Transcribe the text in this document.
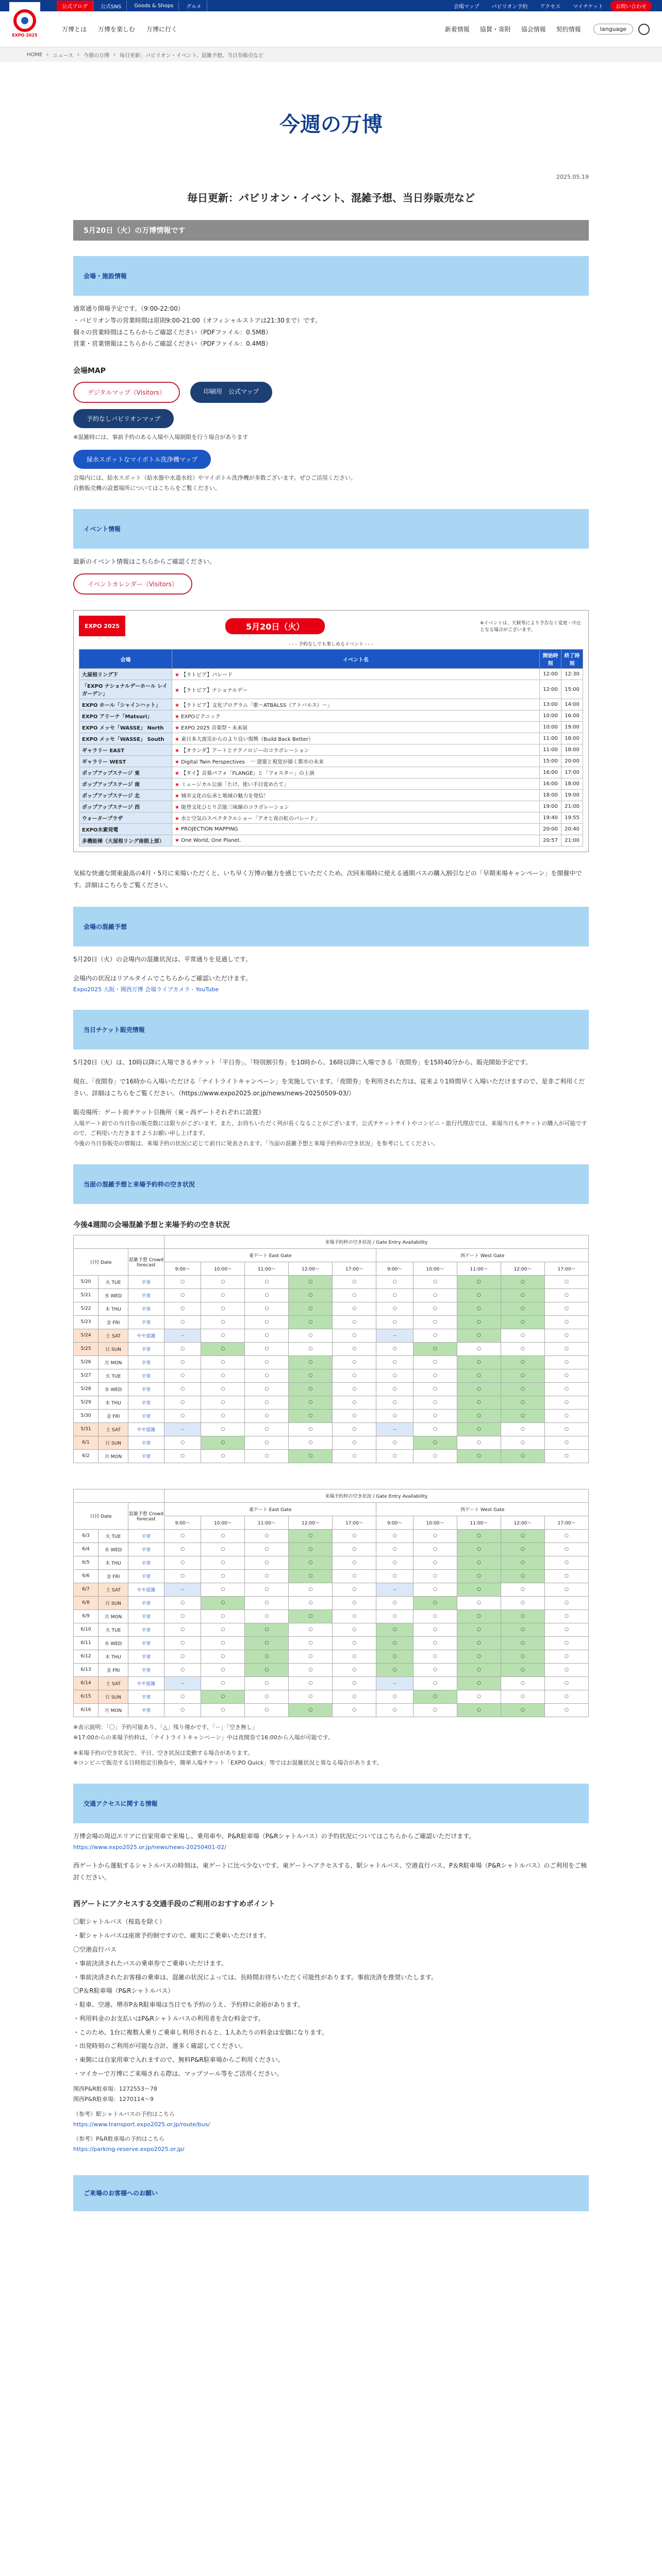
公式ブログ	公式SNS	Goods & Shops	グルメ	会場マップ	パビリオン予約	アクセス	マイチケット	お問い合わせ
EXPO 2025
万博とは 万博を楽しむ 万博に行く	新着情報 協賛・寄附 協会情報 契約情報	language
HOME › ニュース › 今週の万博 › 毎日更新：パビリオン・イベント、混雑予想、当日券販売など
今週の万博
2025.05.19
毎日更新：パビリオン・イベント、混雑予想、当日券販売など
5月20日（火）の万博情報です
会場・施設情報
通常通り開場予定です。（9:00-22:00）
・パビリオン等の営業時間は原則9:00-21:00（オフィシャルストアは21:30まで）です。
個々の営業時間はこちらからご確認ください（PDFファイル：0.5MB）
営業・営業情報はこちらからご確認ください（PDFファイル：0.4MB）
会場MAP
デジタルマップ（Visitors）	印刷用　公式マップ
予約なしパビリオンマップ
※混雑時には、事前予約のある入場や入場制限を行う場合があります
緑水スポットなマイボトル洗浄機マップ
会場内には、給水スポット（給水器や水道水栓）やマイボトル洗浄機が多数ございます。ぜひご活用ください。
自動販売機の設置場所についてはこちらをご覧ください。
イベント情報
最新のイベント情報はこちらからご確認ください。
イベントカレンダー（Visitors）
EXPO 2025	5月20日（火）	※イベントは、天候等により予告なく変更・中止となる場合がございます。
- - - 予約なしでも楽しめるイベント - - -
会場	イベント名	開始時刻	終了時刻
大屋根リング下	★ 【ラトビア】パレード	12:00	12:30
「EXPO ナショナルデーホール レイガーデン」	★ 【ラトビア】ナショナルデー	12:00	15:00
EXPO ホール「シャインハット」	★ 【ラトビア】文化プログラム「歌～ATBALSS（アトバルス）～」	13:00	14:00
EXPO アリーナ「Matsuri」	★ EXPOピクニック	10:00	16:00
EXPO メッセ「WASSE」 North	★ EXPO 2025 音楽祭・未来展	10:00	19:00
EXPO メッセ「WASSE」 South	★ 東日本大震災からのより良い復興（Build Back Better）	11:00	18:00
ギャラリー EAST	★ 【オランダ】アートとテクノロジーのコラボレーション	11:00	18:00
ギャラリー WEST	★ Digital Twin Perspectives　一 建築と視覚が描く都市の未来	15:00	20:00
ポップアップステージ 東	★ 【タイ】音楽パフォ「FLANGE」と「フォスター」の上演	16:00	17:00
ポップアップステージ 南	★ ミュージカル公演「たけ、使い手目覚めたて」	16:00	18:00
ポップアップステージ 北	★ 城市文化の伝承と地域の魅力を発信！	18:00	19:00
ポップアップステージ 西	★ 能登文化ひとり芸能三味線のコラボレーション	19:00	21:00
ウォータープラザ	★ 水と空気のスペクタクルショー「アオと夜の虹のパレード」	19:40	19:55
EXPO水素発電	★ PROJECTION MAPPING	20:00	20:40
多機能棟（大屋根リング南側上部）	★ One World, One Planet.	20:57	21:00
気候な快適な関東最高の4月・5月に来場いただくと、いち早く万博の魅力を感じていただくため、次回来場時に使える通期パスの購入割引などの「早期来場キャンペーン」を開催中です。詳細はこちらをご覧ください。
会場の混雑予想
5月20日（火）の会場内の混雑状況は、平常通りを見通しです。
会場内の状況はリアルタイムでこちらからご確認いただけます。
Expo2025 大阪・関西万博 会場ライブカメラ - YouTube
当日チケット販売情報
5月20日（火）は、10時以降に入場できるチケット「平日券」、「特別割引券」を10時から、16時以降に入場できる「夜間券」を15時40分から、販売開始予定です。
現在、「夜間券」で16時から入場いただける「ナイトライトキャンペーン」を実施しています。「夜間券」を利用された方は、従来より1時間早く入場いただけますので、是非ご利用ください。詳細はこちらをご覧ください。（https://www.expo2025.or.jp/news/news-20250509-03/）
販売場所：ゲート前チケット引換所（東・西ゲートそれぞれに設置）
入場ゲート前での当日券の販売数には限りがございます。また、お待ちいただく列が長くなることがございます。公式チケットサイトやコンビニ・旅行代理店では、来場当日もチケットの購入が可能ですので、ご利用いただきますようお願い申し上げます。
今後の当日券販売の情報は、来場予約の状況に応じて前日に発表されます。「当面の混雑予想と来場予約枠の空き状況」を参考にしてください。
当面の混雑予想と来場予約枠の空き状況
今後4週間の会場混雑予想と来場予約の空き状況
			来場予約枠の空き状況 / Gate Entry Availability									
日付 Date		混雑予想 Crowd forecast	東ゲート East Gate					西ゲート West Gate				
			9:00～	10:00～	11:00～	12:00～	17:00～	9:00～	10:00～	11:00～	12:00～	17:00～
5/20	火 TUE	平常	○	○	○	○	○	○	○	○	○	○
5/21	水 WED	平常	○	○	○	○	○	○	○	○	○	○
5/22	木 THU	平常	○	○	○	○	○	○	○	○	○	○
5/23	金 FRI	平常	○	○	○	○	○	○	○	○	○	○
5/24	土 SAT	やや混雑	－	○	○	○	○	－	○	○	○	○
5/25	日 SUN	平常	○	○	○	○	○	○	○	○	○	○
5/26	月 MON	平常	○	○	○	○	○	○	○	○	○	○
5/27	火 TUE	平常	○	○	○	○	○	○	○	○	○	○
5/28	水 WED	平常	○	○	○	○	○	○	○	○	○	○
5/29	木 THU	平常	○	○	○	○	○	○	○	○	○	○
5/30	金 FRI	平常	○	○	○	○	○	○	○	○	○	○
5/31	土 SAT	やや混雑	－	○	○	○	○	－	○	○	○	○
6/1	日 SUN	平常	○	○	○	○	○	○	○	○	○	○
6/2	月 MON	平常	○	○	○	○	○	○	○	○	○	○
			来場予約枠の空き状況 / Gate Entry Availability									
日付 Date		混雑予想 Crowd forecast	東ゲート East Gate					西ゲート West Gate				
			9:00～	10:00～	11:00～	12:00～	17:00～	9:00～	10:00～	11:00～	12:00～	17:00～
6/3	火 TUE	平常	○	○	○	○	○	○	○	○	○	○
6/4	水 WED	平常	○	○	○	○	○	○	○	○	○	○
6/5	木 THU	平常	○	○	○	○	○	○	○	○	○	○
6/6	金 FRI	平常	○	○	○	○	○	○	○	○	○	○
6/7	土 SAT	やや混雑	－	○	○	○	○	－	○	○	○	○
6/8	日 SUN	平常	○	○	○	○	○	○	○	○	○	○
6/9	月 MON	平常	○	○	○	○	○	○	○	○	○	○
6/10	火 TUE	平常	○	○	○	○	○	○	○	○	○	○
6/11	水 WED	平常	○	○	○	○	○	○	○	○	○	○
6/12	木 THU	平常	○	○	○	○	○	○	○	○	○	○
6/13	金 FRI	平常	○	○	○	○	○	○	○	○	○	○
6/14	土 SAT	やや混雑	－	○	○	○	○	－	○	○	○	○
6/15	日 SUN	平常	○	○	○	○	○	○	○	○	○	○
6/16	月 MON	平常	○	○	○	○	○	○	○	○	○	○
※表示説明：「〇」予約可能あり、「△」残り僅かです、「－」「空き無し」
※17:00からの来場予約枠は、「ナイトライトキャンペーン」中は夜間券で16:00から入場が可能です。
※来場予約の空き状況で、平日、空き状況は変動する場合があります。
※コンビニで販売する日時指定引換券や、簡単入場チケット「EXPO Quick」等ではお混雑状況と異なる場合があります。
交通アクセスに関する情報
万博会場の周辺エリアに自家用車で来場し、乗用車や、P&R駐車場（P&Rシャトルバス）の予約状況についてはこちらからご確認いただけます。
https://www.expo2025.or.jp/news/news-20250401-02/
西ゲートから運航するシャトルバスの時刻は、東ゲートに比べ少ないです。東ゲートへアクセスする、駅シャトルバス、空港直行バス、P＆R駐車場（P&Rシャトルバス）のご利用をご検討ください。
西ゲートにアクセスする交通手段のご利用のおすすめポイント
〇駅シャトルバス（桜島を除く）
・駅シャトルバスは座席予約制ですので、確実にご乗車いただけます。
〇空港直行バス
・事前決済されたバスの乗車券でご乗車いただけます。
・事前決済されたお客様の乗車は、混雑の状況によっては、長時間お待ちいただく可能性があります。事前決済を推奨いたします。
〇P＆R駐車場（P&Rシャトルバス）
・駐車、空港、堺市P＆R駐車場は当日でも予約のうえ、予約枠に余裕があります。
・利用料金のお支払いはP&Rシャトルバスの利用者を含む料金です。
・このため、1台に複数人乗りご乗車し利用されると、1人あたりの料金は安価になります。
・出発時刻のご利用が可能な合計、運多く確認してください。
・東側には自家用車で入れますので、無料P&R駐車場からご利用ください。
・マイカーで万博にご来場される際は、マップツール等をご活用ください。
関西P&R駐車場：1272553～78
関西P&R駐車場：1270114～9
（参考）駅シャトルバスの予約はこちら
https://www.transport.expo2025.or.jp/route/bus/
（参考）P&R駐車場の予約はこちら
https://parking-reserve.expo2025.or.jp/
ご来場のお客様へのお願い
